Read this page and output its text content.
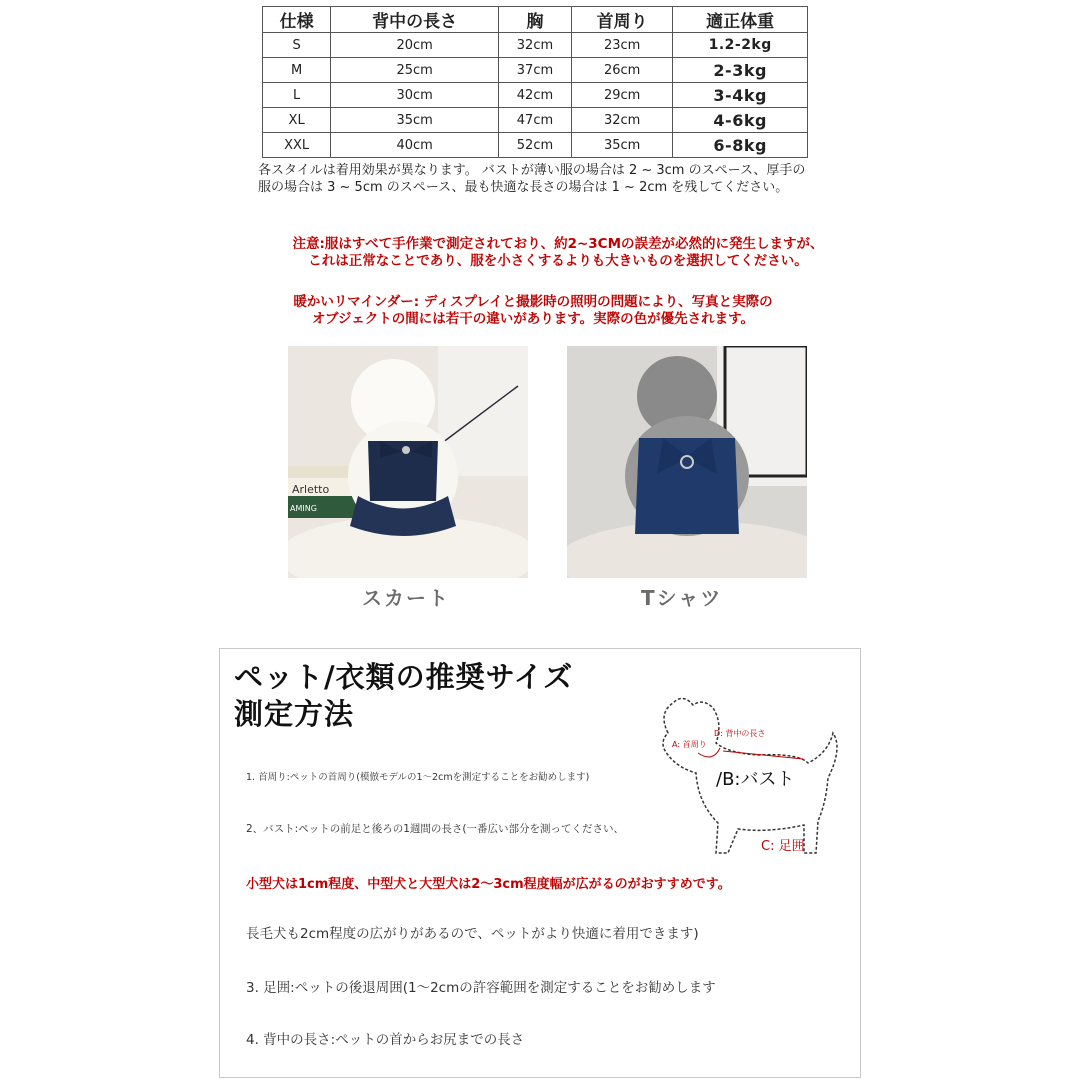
仕様	背中の長さ	胸	首周り	適正体重
S	20cm	32cm	23cm	1.2-2kg
M	25cm	37cm	26cm	2-3kg
L	30cm	42cm	29cm	3-4kg
XL	35cm	47cm	32cm	4-6kg
XXL	40cm	52cm	35cm	6-8kg
各スタイルは着用効果が異なります。 バストが薄い服の場合は 2 ~ 3cm のスペース、厚手の服の場合は 3 ~ 5cm のスペース、最も快適な長さの場合は 1 ~ 2cm を残してください。
注意:服はすべて手作業で測定されており、約2~3CMの誤差が必然的に発生しますが、
これは正常なことであり、服を小さくするよりも大きいものを選択してください。
暖かいリマインダー: ディスプレイと撮影時の照明の問題により、写真と実際の
オブジェクトの間には若干の違いがあります。実際の色が優先されます。
Arletto
AMING
スカート	Tシャツ
ペット/衣類の推奨サイズ測定方法
D: 背中の長さ
A: 首周り
/B:バスト
C: 足囲
1. 首周り:ペットの首周り(模倣モデルの1～2cmを測定することをお勧めします)
2、バスト:ペットの前足と後ろの1週間の長さ(一番広い部分を測ってください、
小型犬は1cm程度、中型犬と大型犬は2～3cm程度幅が広がるのがおすすめです。
長毛犬も2cm程度の広がりがあるので、ペットがより快適に着用できます)
3. 足囲:ペットの後退周囲(1～2cmの許容範囲を測定することをお勧めします
4. 背中の長さ:ペットの首からお尻までの長さ
